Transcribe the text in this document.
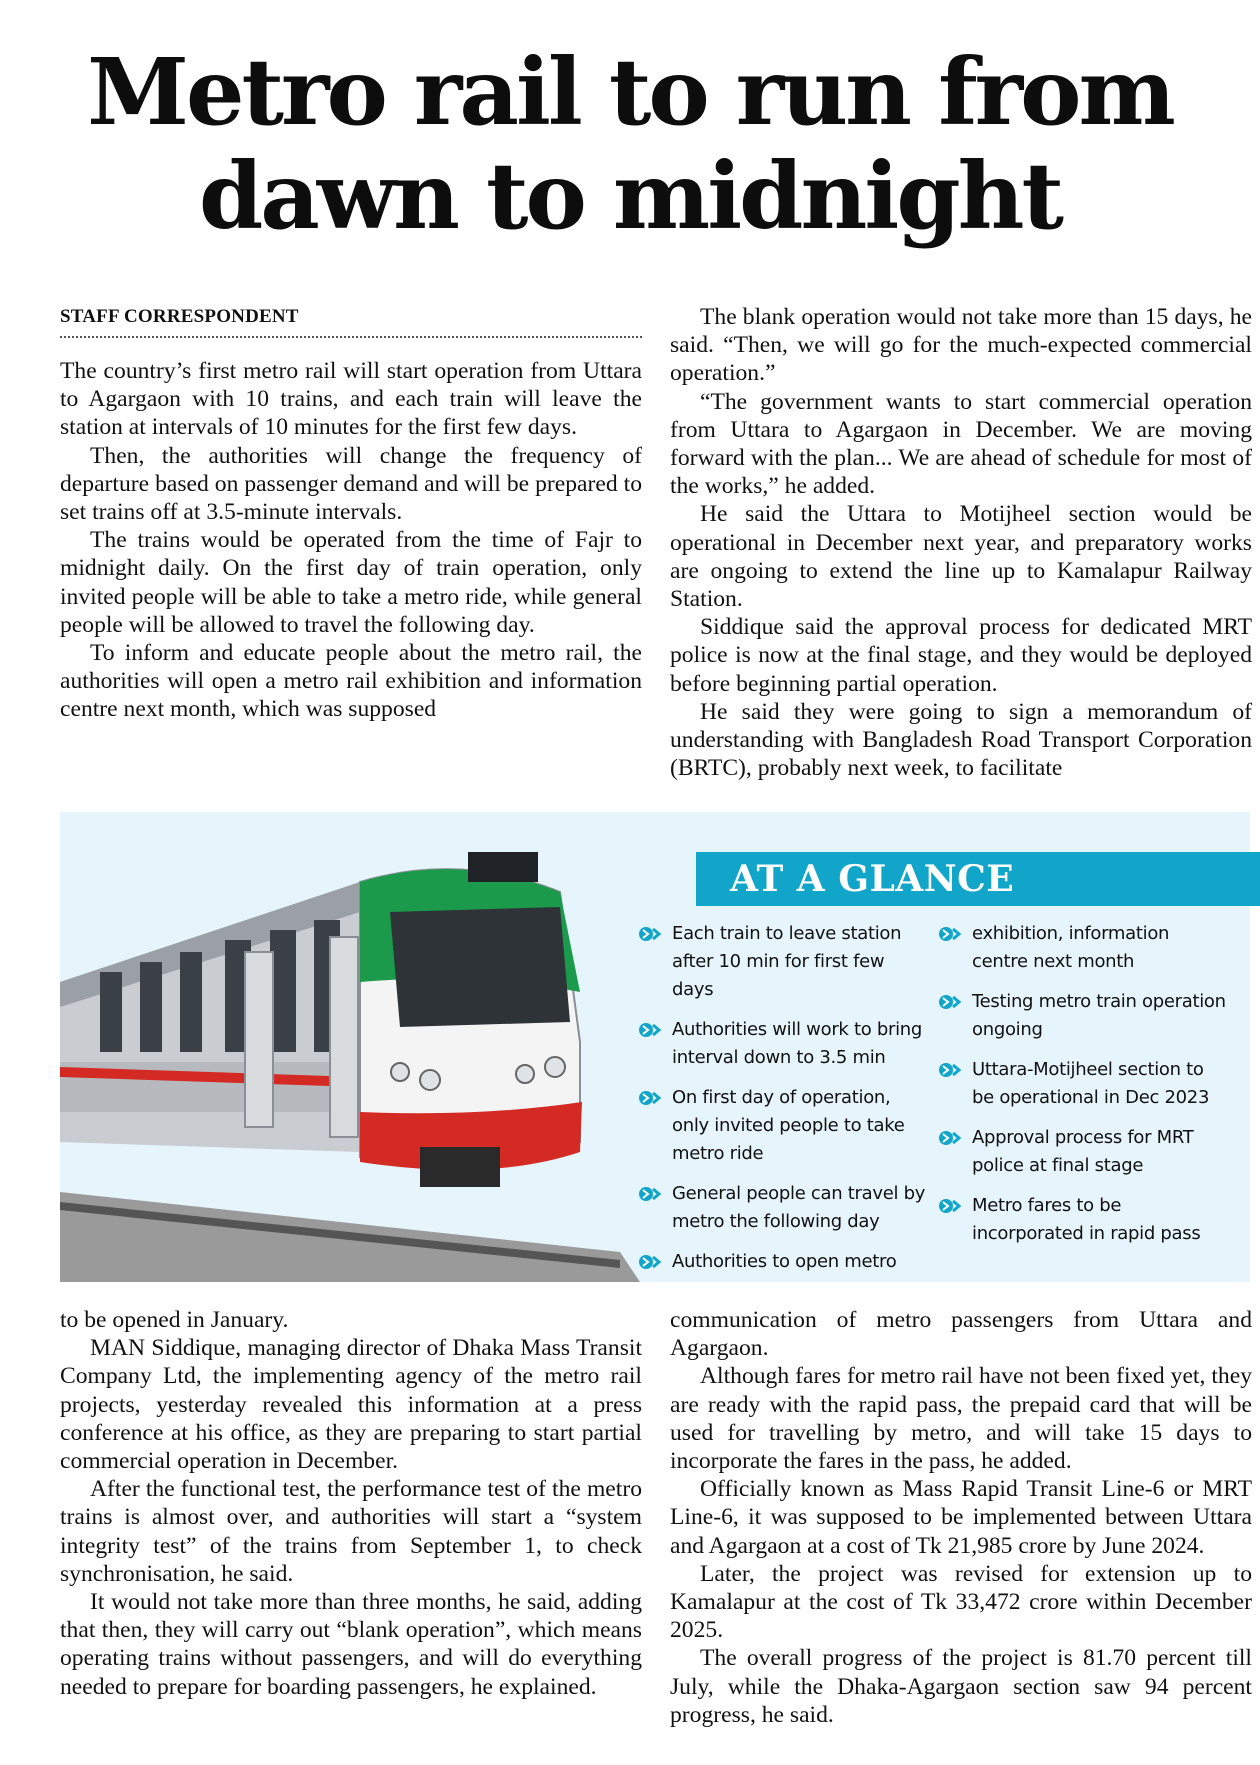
Metro rail to run from
dawn to midnight
STAFF CORRESPONDENT

The country’s first metro rail will start operation from Uttara to Agargaon with 10 trains, and each train will leave the station at intervals of 10 minutes for the first few days.

Then, the authorities will change the frequency of departure based on passenger demand and will be prepared to set trains off at 3.5-minute intervals.

The trains would be operated from the time of Fajr to midnight daily. On the first day of train operation, only invited people will be able to take a metro ride, while general people will be allowed to travel the following day.

To inform and educate people about the metro rail, the authorities will open a metro rail exhibition and information centre next month, which was supposed

The blank operation would not take more than 15 days, he said. “Then, we will go for the much-expected commercial operation.”

“The government wants to start commercial operation from Uttara to Agargaon in December. We are moving forward with the plan... We are ahead of schedule for most of the works,” he added.

He said the Uttara to Motijheel section would be operational in December next year, and preparatory works are ongoing to extend the line up to Kamalapur Railway Station.

Siddique said the approval process for dedicated MRT police is now at the final stage, and they would be deployed before beginning partial operation.

He said they were going to sign a memorandum of understanding with Bangladesh Road Transport Corporation (BRTC), probably next week, to facilitate

AT A GLANCE
Each train to leave station after 10 min for first few days
Authorities will work to bring interval down to 3.5 min
On first day of operation, only invited people to take metro ride
General people can travel by metro the following day
Authorities to open metro
exhibition, information centre next month
Testing metro train operation ongoing
Uttara-Motijheel section to be operational in Dec 2023
Approval process for MRT police at final stage
Metro fares to be incorporated in rapid pass

to be opened in January.

MAN Siddique, managing director of Dhaka Mass Transit Company Ltd, the implementing agency of the metro rail projects, yesterday revealed this information at a press conference at his office, as they are preparing to start partial commercial operation in December.

After the functional test, the performance test of the metro trains is almost over, and authorities will start a “system integrity test” of the trains from September 1, to check synchronisation, he said.

It would not take more than three months, he said, adding that then, they will carry out “blank operation”, which means operating trains without passengers, and will do everything needed to prepare for boarding passengers, he explained.

communication of metro passengers from Uttara and Agargaon.

Although fares for metro rail have not been fixed yet, they are ready with the rapid pass, the prepaid card that will be used for travelling by metro, and will take 15 days to incorporate the fares in the pass, he added.

Officially known as Mass Rapid Transit Line-6 or MRT Line-6, it was supposed to be implemented between Uttara and Agargaon at a cost of Tk 21,985 crore by June 2024.

Later, the project was revised for extension up to Kamalapur at the cost of Tk 33,472 crore within December 2025.

The overall progress of the project is 81.70 percent till July, while the Dhaka-Agargaon section saw 94 percent progress, he said.
